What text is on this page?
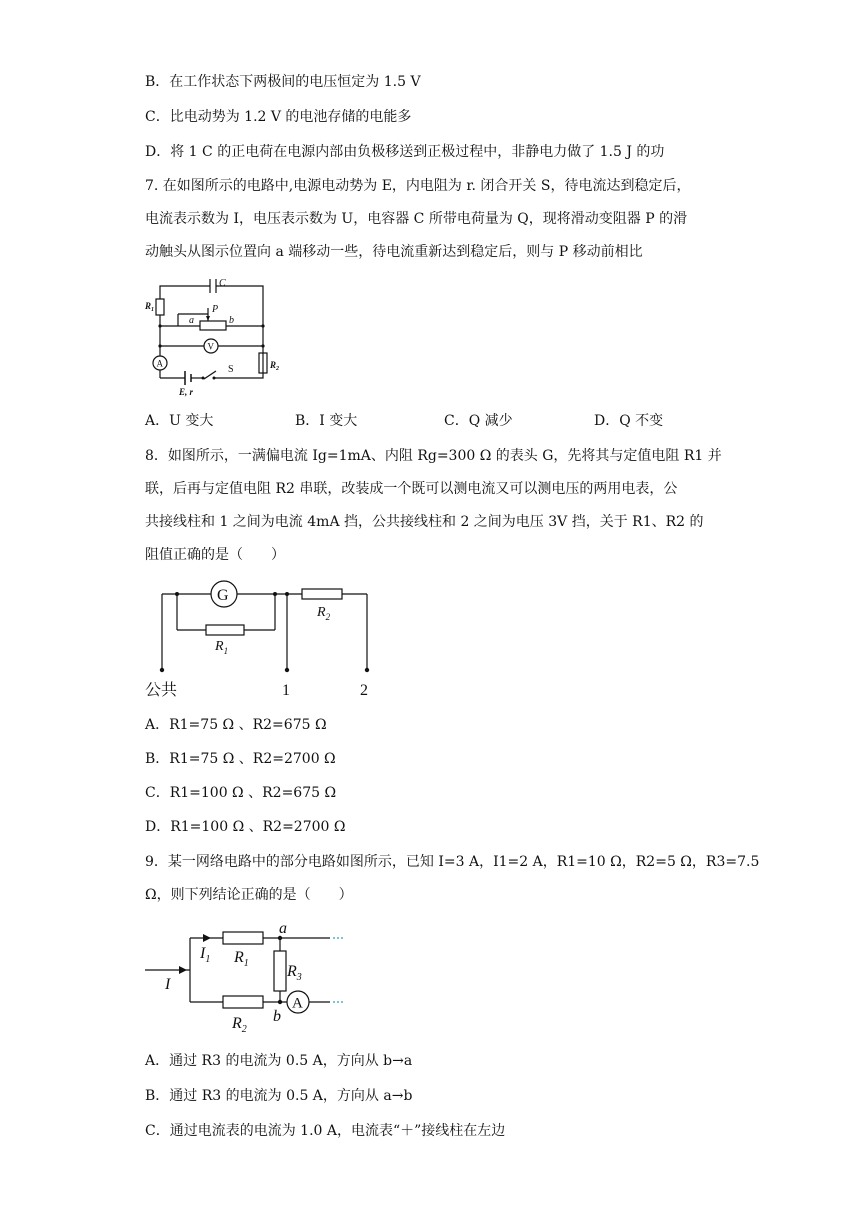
B．在工作状态下两极间的电压恒定为 1.5 V
C．比电动势为 1.2 V 的电池存储的电能多
D．将 1 C 的正电荷在电源内部由负极移送到正极过程中，非静电力做了 1.5 J 的功
7. 在如图所示的电路中,电源电动势为 E，内电阻为 r. 闭合开关 S，待电流达到稳定后，
电流表示数为 I，电压表示数为 U，电容器 C 所带电荷量为 Q，现将滑动变阻器 P 的滑
动触头从图示位置向 a 端移动一些，待电流重新达到稳定后，则与 P 移动前相比
C
$R_1$	P
a	b
V
A
S
E, r
$R_2$
A．U 变大	B．I 变大	C．Q 减少	D．Q 不变
8．如图所示，一满偏电流 Ig=1mA、内阻 Rg=300 Ω 的表头 G，先将其与定值电阻 R1 并
联，后再与定值电阻 R2 串联，改装成一个既可以测电流又可以测电压的两用电表，公
共接线柱和 1 之间为电流 4mA 挡，公共接线柱和 2 之间为电压 3V 挡，关于 R1、R2 的
阻值正确的是（　　）
G
$R_2$
$R_1$
公共	1	2
A．R1=75 Ω 、R2=675 Ω
B．R1=75 Ω 、R2=2700 Ω
C．R1=100 Ω 、R2=675 Ω
D．R1=100 Ω 、R2=2700 Ω
9．某一网络电路中的部分电路如图所示，已知 I=3 A，I1=2 A，R1=10 Ω，R2=5 Ω，R3=7.5
Ω，则下列结论正确的是（　　）
I
$I_1$ $R_1$ $R_3$
$R_2$
a
b
A
A．通过 R3 的电流为 0.5 A，方向从 b→a
B．通过 R3 的电流为 0.5 A，方向从 a→b
C．通过电流表的电流为 1.0 A，电流表“＋”接线柱在左边
